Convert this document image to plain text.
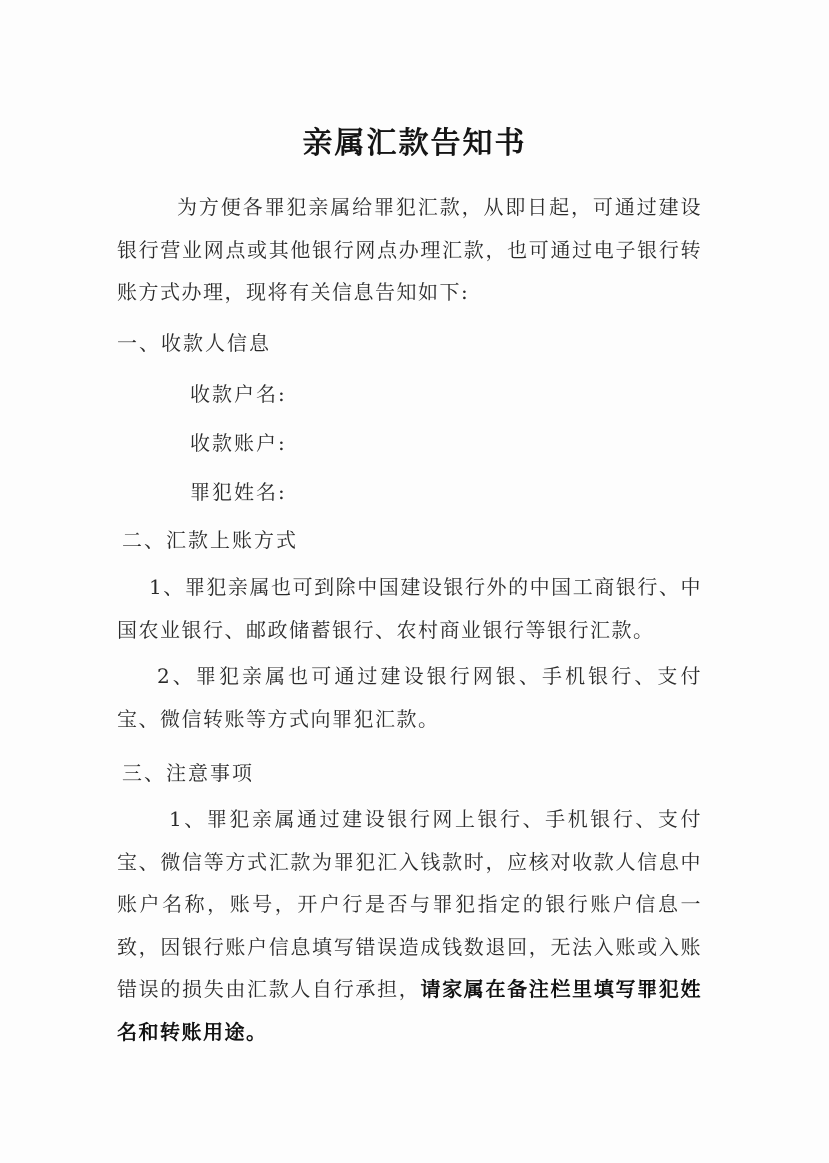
亲属汇款告知书

为方便各罪犯亲属给罪犯汇款，从即日起，可通过建设银行营业网点或其他银行网点办理汇款，也可通过电子银行转账方式办理，现将有关信息告知如下:

一、收款人信息

收款户名:

收款账户:

罪犯姓名:

二、汇款上账方式

1、罪犯亲属也可到除中国建设银行外的中国工商银行、中国农业银行、邮政储蓄银行、农村商业银行等银行汇款。

2、罪犯亲属也可通过建设银行网银、手机银行、支付宝、微信转账等方式向罪犯汇款。

三、注意事项

1、罪犯亲属通过建设银行网上银行、手机银行、支付宝、微信等方式汇款为罪犯汇入钱款时，应核对收款人信息中账户名称，账号，开户行是否与罪犯指定的银行账户信息一致，因银行账户信息填写错误造成钱数退回，无法入账或入账错误的损失由汇款人自行承担，请家属在备注栏里填写罪犯姓名和转账用途。
